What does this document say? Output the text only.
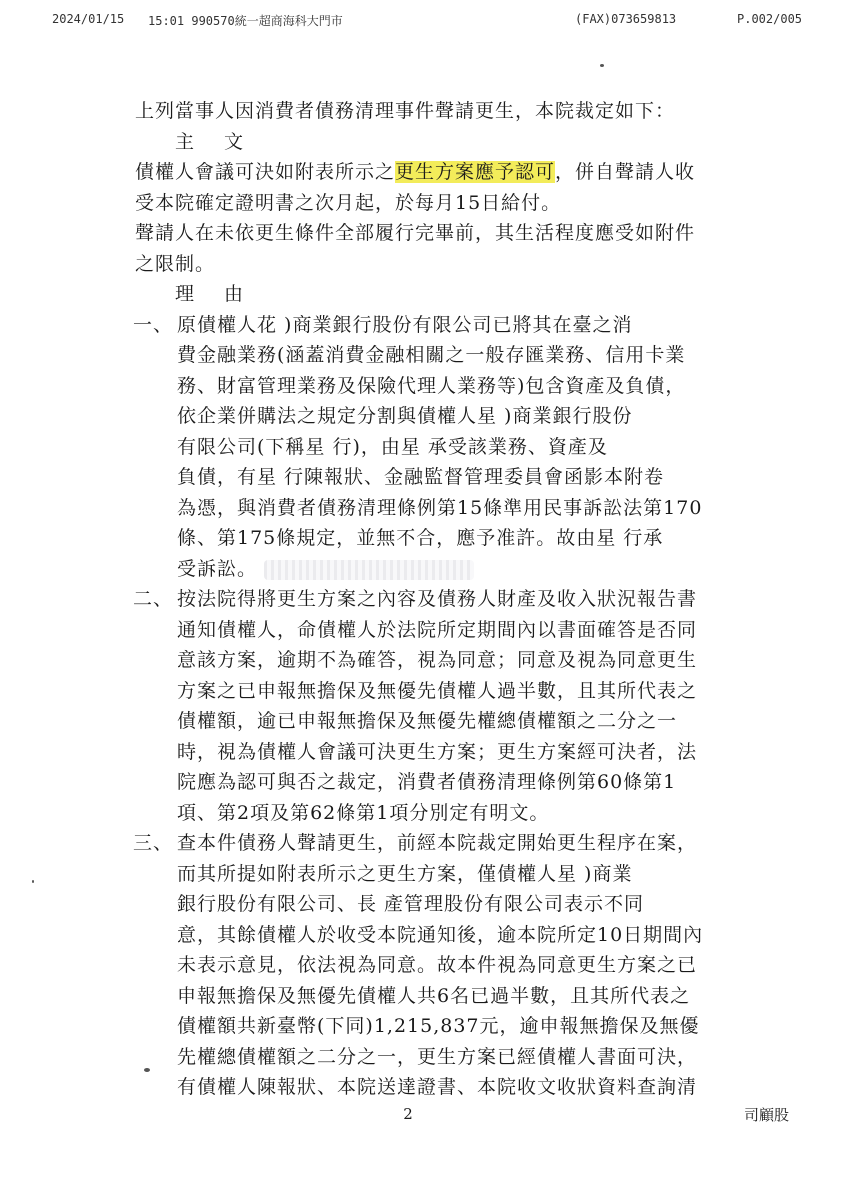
2024/01/15 15:01 990570統一超商海科大門市	(FAX)073659813	P.002/005
上列當事人因消費者債務清理事件聲請更生，本院裁定如下：
主 文
債權人會議可決如附表所示之更生方案應予認可，併自聲請人收
受本院確定證明書之次月起，於每月15日給付。
聲請人在未依更生條件全部履行完畢前，其生活程度應受如附件
之限制。
理 由
一、 原債權人花 )商業銀行股份有限公司已將其在臺之消
費金融業務(涵蓋消費金融相關之一般存匯業務、信用卡業
務、財富管理業務及保險代理人業務等)包含資產及負債，
依企業併購法之規定分割與債權人星 )商業銀行股份
有限公司(下稱星 行)，由星 承受該業務、資產及
負債，有星 行陳報狀、金融監督管理委員會函影本附卷
為憑，與消費者債務清理條例第15條準用民事訴訟法第170
條、第175條規定，並無不合，應予准許。故由星 行承
受訴訟。
二、 按法院得將更生方案之內容及債務人財產及收入狀況報告書
通知債權人，命債權人於法院所定期間內以書面確答是否同
意該方案，逾期不為確答，視為同意；同意及視為同意更生
方案之已申報無擔保及無優先債權人過半數，且其所代表之
債權額，逾已申報無擔保及無優先權總債權額之二分之一
時，視為債權人會議可決更生方案；更生方案經可決者，法
院應為認可與否之裁定，消費者債務清理條例第60條第1
項、第2項及第62條第1項分別定有明文。
三、 查本件債務人聲請更生，前經本院裁定開始更生程序在案，
而其所提如附表所示之更生方案，僅債權人星 )商業
銀行股份有限公司、長 產管理股份有限公司表示不同
意，其餘債權人於收受本院通知後，逾本院所定10日期間內
未表示意見，依法視為同意。故本件視為同意更生方案之已
申報無擔保及無優先債權人共6名已過半數，且其所代表之
債權額共新臺幣(下同)1,215,837元，逾申報無擔保及無優
先權總債權額之二分之一，更生方案已經債權人書面可決，
有債權人陳報狀、本院送達證書、本院收文收狀資料查詢清
2	司顧股
